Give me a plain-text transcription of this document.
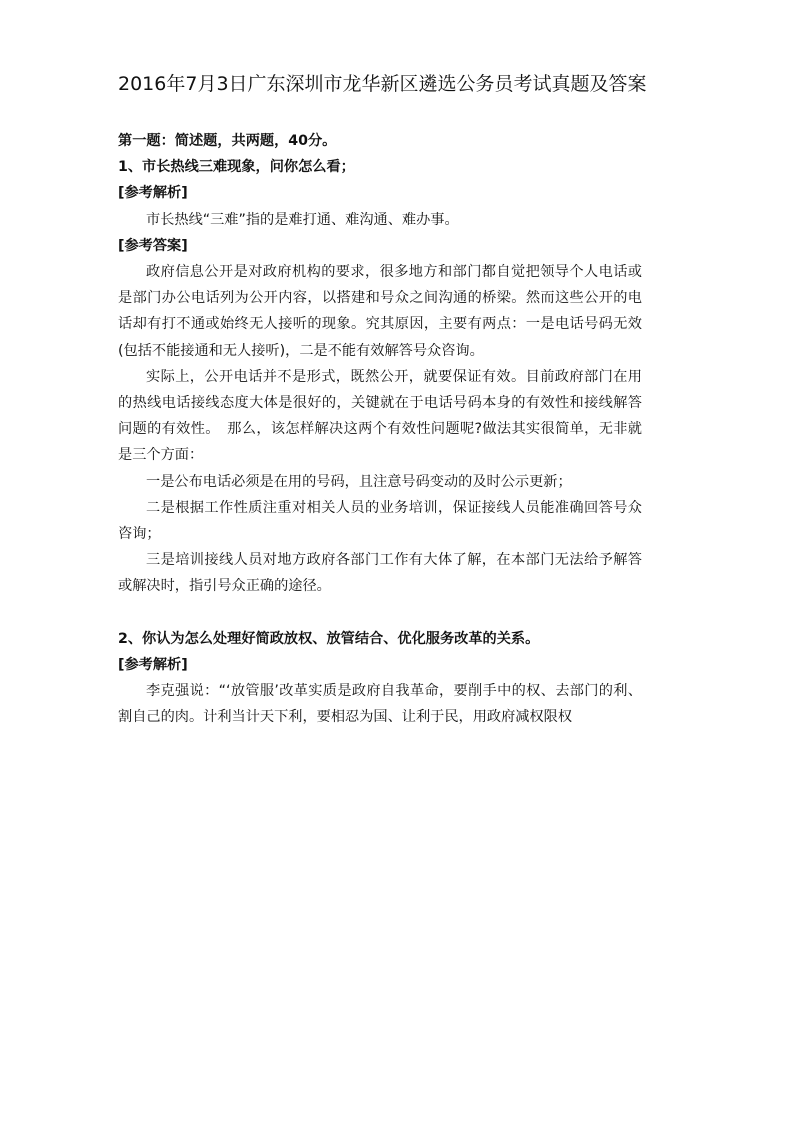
2016年7月3日广东深圳市龙华新区遴选公务员考试真题及答案

第一题：简述题，共两题，40分。

1、市长热线三难现象，问你怎么看；

[参考解析]

市长热线“三难”指的是难打通、难沟通、难办事。

[参考答案]

政府信息公开是对政府机构的要求，很多地方和部门都自觉把领导个人电话或是部门办公电话列为公开内容，以搭建和号众之间沟通的桥梁。然而这些公开的电话却有打不通或始终无人接听的现象。究其原因，主要有两点：一是电话号码无效(包括不能接通和无人接听)，二是不能有效解答号众咨询。

实际上，公开电话并不是形式，既然公开，就要保证有效。目前政府部门在用的热线电话接线态度大体是很好的，关键就在于电话号码本身的有效性和接线解答问题的有效性。　那么，该怎样解决这两个有效性问题呢?做法其实很简单，无非就是三个方面：

一是公布电话必须是在用的号码，且注意号码变动的及时公示更新；

二是根据工作性质注重对相关人员的业务培训，保证接线人员能准确回答号众咨询；

三是培训接线人员对地方政府各部门工作有大体了解，在本部门无法给予解答或解决时，指引号众正确的途径。

2、你认为怎么处理好简政放权、放管结合、优化服务改革的关系。

[参考解析]

李克强说：“‘放管服’改革实质是政府自我革命，要削手中的权、去部门的利、割自己的肉。计利当计天下利，要相忍为国、让利于民，用政府减权限权
